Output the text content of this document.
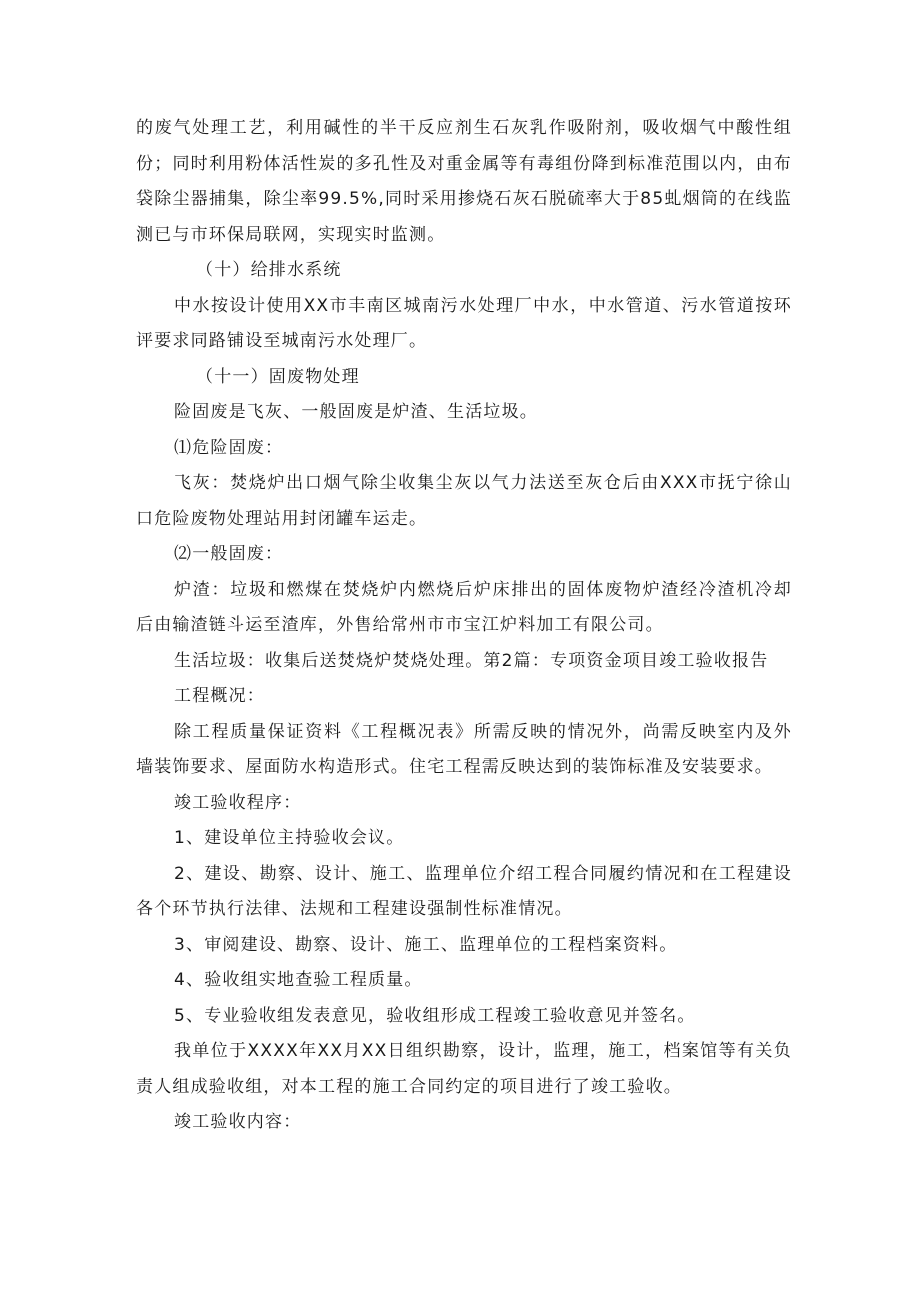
的废气处理工艺，利用碱性的半干反应剂生石灰乳作吸附剂，吸收烟气中酸性组份；同时利用粉体活性炭的多孔性及对重金属等有毒组份降到标准范围以内，由布袋除尘器捕集，除尘率99.5%,同时采用掺烧石灰石脱硫率大于85虬烟筒的在线监测已与市环保局联网，实现实时监测。

（十）给排水系统

中水按设计使用XX市丰南区城南污水处理厂中水，中水管道、污水管道按环评要求同路铺设至城南污水处理厂。

（十一）固废物处理

险固废是飞灰、一般固废是炉渣、生活垃圾。

⑴危险固废：

飞灰：焚烧炉出口烟气除尘收集尘灰以气力法送至灰仓后由XXX市抚宁徐山口危险废物处理站用封闭罐车运走。

⑵一般固废：

炉渣：垃圾和燃煤在焚烧炉内燃烧后炉床排出的固体废物炉渣经冷渣机冷却后由输渣链斗运至渣库，外售给常州市市宝江炉料加工有限公司。

生活垃圾：收集后送焚烧炉焚烧处理。第2篇：专项资金项目竣工验收报告

工程概况：

除工程质量保证资料《工程概况表》所需反映的情况外，尚需反映室内及外墙装饰要求、屋面防水构造形式。住宅工程需反映达到的装饰标准及安装要求。

竣工验收程序：

1、建设单位主持验收会议。

2、建设、勘察、设计、施工、监理单位介绍工程合同履约情况和在工程建设各个环节执行法律、法规和工程建设强制性标准情况。

3、审阅建设、勘察、设计、施工、监理单位的工程档案资料。

4、验收组实地查验工程质量。

5、专业验收组发表意见，验收组形成工程竣工验收意见并签名。

我单位于XXXX年XX月XX日组织勘察，设计，监理，施工，档案馆等有关负责人组成验收组，对本工程的施工合同约定的项目进行了竣工验收。

竣工验收内容：
